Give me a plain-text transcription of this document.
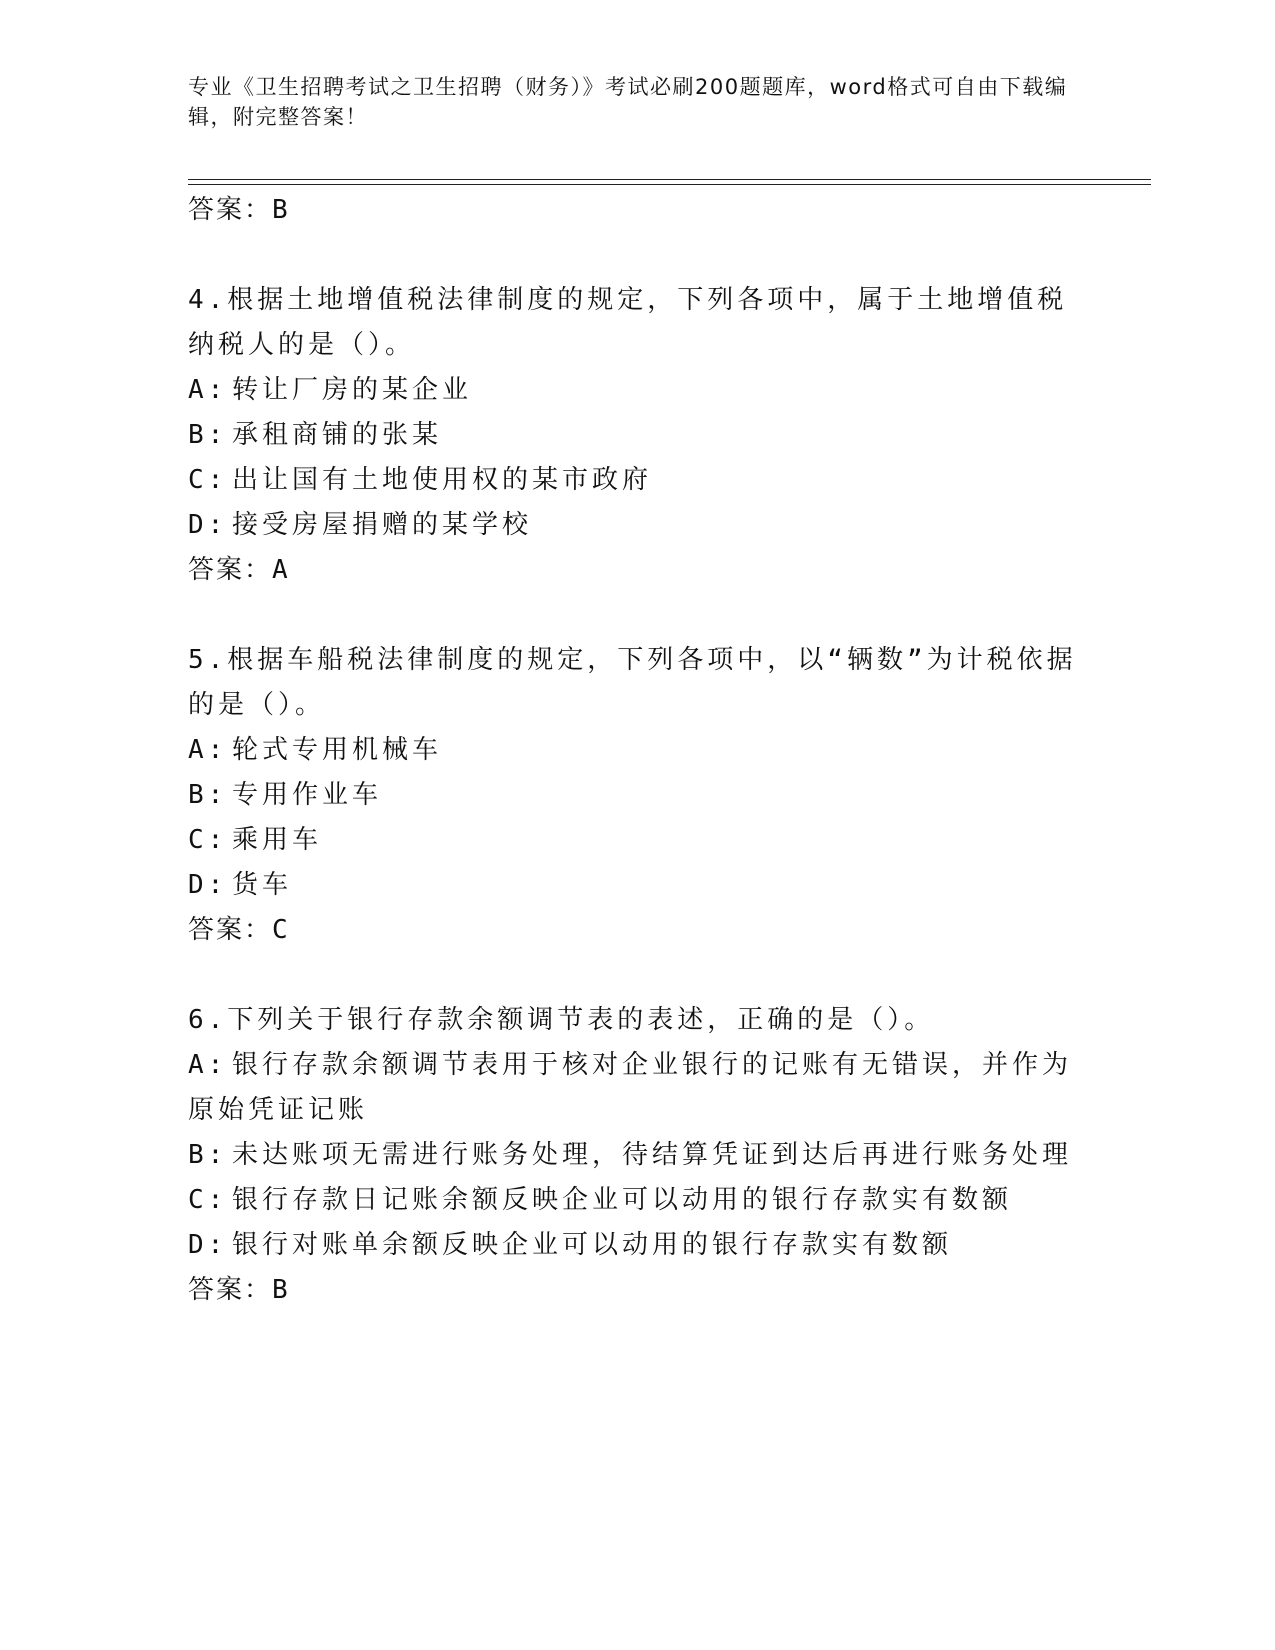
专业《卫生招聘考试之卫生招聘（财务）》考试必刷200题题库，word格式可自由下载编辑，附完整答案！

答案：B

4.根据土地增值税法律制度的规定，下列各项中，属于土地增值税纳税人的是（）。

A: 转让厂房的某企业

B: 承租商铺的张某

C: 出让国有土地使用权的某市政府

D: 接受房屋捐赠的某学校

答案：A

5.根据车船税法律制度的规定，下列各项中，以“辆数”为计税依据的是（）。

A: 轮式专用机械车

B: 专用作业车

C: 乘用车

D: 货车

答案：C

6.下列关于银行存款余额调节表的表述，正确的是（）。

A: 银行存款余额调节表用于核对企业银行的记账有无错误，并作为原始凭证记账

B: 未达账项无需进行账务处理，待结算凭证到达后再进行账务处理

C: 银行存款日记账余额反映企业可以动用的银行存款实有数额

D: 银行对账单余额反映企业可以动用的银行存款实有数额

答案：B
